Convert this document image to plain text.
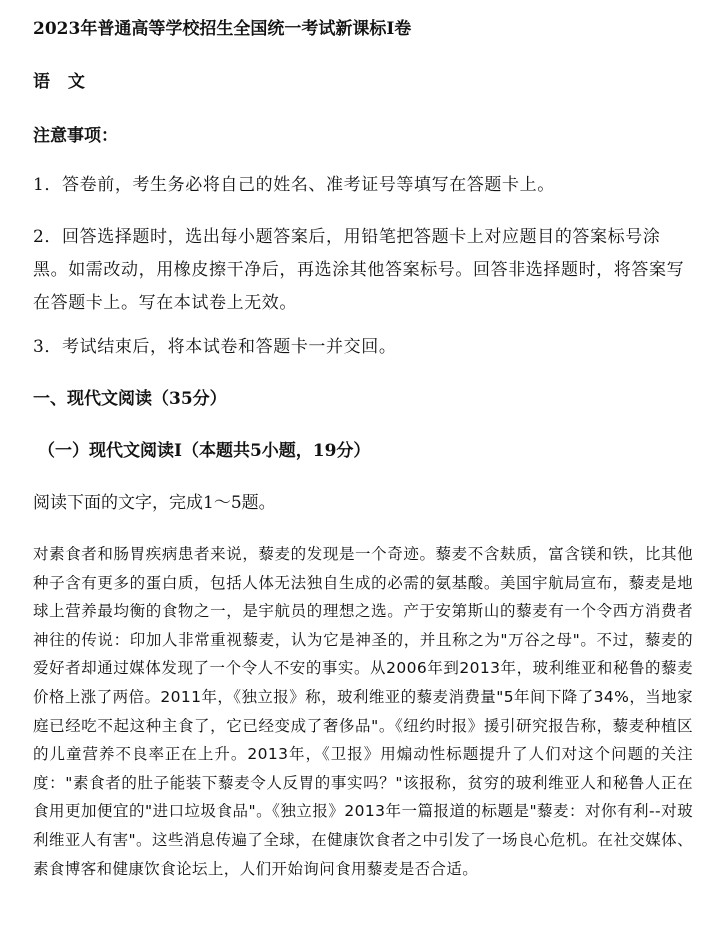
2023年普通高等学校招生全国统一考试新课标I卷
语 文
注意事项：
1．答卷前，考生务必将自己的姓名、准考证号等填写在答题卡上。
2．回答选择题时，选出每小题答案后，用铅笔把答题卡上对应题目的答案标号涂黑。如需改动，用橡皮擦干净后，再选涂其他答案标号。回答非选择题时，将答案写在答题卡上。写在本试卷上无效。
3．考试结束后，将本试卷和答题卡一并交回。
一、现代文阅读（35分）
（一）现代文阅读I（本题共5小题，19分）
阅读下面的文字，完成1～5题。

对素食者和肠胃疾病患者来说，藜麦的发现是一个奇迹。藜麦不含麸质，富含镁和铁，比其他种子含有更多的蛋白质，包括人体无法独自生成的必需的氨基酸。美国宇航局宣布，藜麦是地球上营养最均衡的食物之一，是宇航员的理想之选。产于安第斯山的藜麦有一个令西方消费者神往的传说：印加人非常重视藜麦，认为它是神圣的，并且称之为"万谷之母"。不过，藜麦的爱好者却通过媒体发现了一个令人不安的事实。从2006年到2013年，玻利维亚和秘鲁的藜麦价格上涨了两倍。2011年，《独立报》称，玻利维亚的藜麦消费量"5年间下降了34%，当地家庭已经吃不起这种主食了，它已经变成了奢侈品"。《纽约时报》援引研究报告称，藜麦种植区的儿童营养不良率正在上升。2013年，《卫报》用煽动性标题提升了人们对这个问题的关注度："素食者的肚子能装下藜麦令人反胃的事实吗？"该报称，贫穷的玻利维亚人和秘鲁人正在食用更加便宜的"进口垃圾食品"。《独立报》2013年一篇报道的标题是"藜麦：对你有利--对玻利维亚人有害"。这些消息传遍了全球，在健康饮食者之中引发了一场良心危机。在社交媒体、素食博客和健康饮食论坛上，人们开始询问食用藜麦是否合适。
